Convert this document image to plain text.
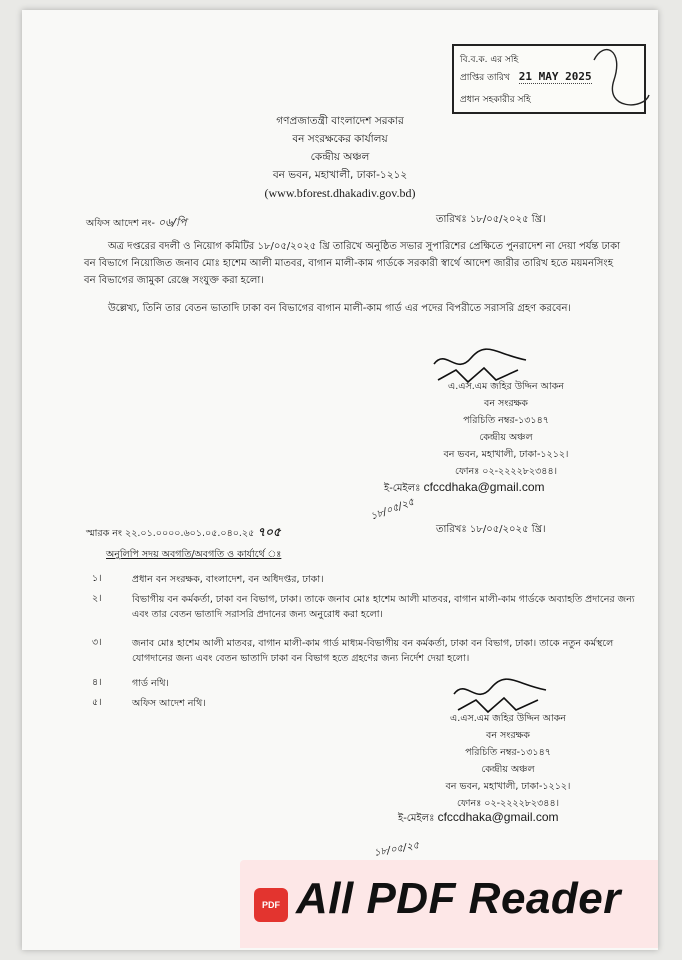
বি.ব.ক. এর সহি
প্রাপ্তির তারিখ 21 MAY 2025
প্রধান সহকারীর সহি
গণপ্রজাতন্ত্রী বাংলাদেশ সরকার
বন সংরক্ষকের কার্যালয়
কেন্দ্রীয় অঞ্চল
বন ভবন, মহাখালী, ঢাকা-১২১২
(www.bforest.dhakadiv.gov.bd)
অফিস আদেশ নং- ০৬/পি	তারিখঃ ১৮/০৫/২০২৫ খ্রি।
অত্র দপ্তরের বদলী ও নিয়োগ কমিটির ১৮/০৫/২০২৫ খ্রি তারিখে অনুষ্ঠিত সভার সুপারিশের প্রেক্ষিতে পুনরাদেশ না দেয়া পর্যন্ত ঢাকা বন বিভাগে নিয়োজিত জনাব মোঃ হাশেম আলী মাতবর, বাগান মালী-কাম গার্ডকে সরকারী স্বার্থে আদেশ জারীর তারিখ হতে ময়মনসিংহ বন বিভাগের জামুকা রেঞ্জে সংযুক্ত করা হলো।
উল্লেখ্য, তিনি তার বেতন ভাতাদি ঢাকা বন বিভাগের বাগান মালী-কাম গার্ড এর পদের বিপরীতে সরাসরি গ্রহণ করবেন।
এ.এস.এম জহির উদ্দিন আকন
বন সংরক্ষক
পরিচিতি নম্বর-১৩১৪৭
কেন্দ্রীয় অঞ্চল
বন ভবন, মহাখালী, ঢাকা-১২১২।
ফোনঃ ০২-২২২২৮২৩৪৪।
ই-মেইলঃ cfccdhaka@gmail.com
১৮/০৫/২৫
স্মারক নং ২২.০১.০০০০.৬০১.০৫.০৪০.২৫ ৭০৫	তারিখঃ ১৮/০৫/২০২৫ খ্রি।
অনুলিপি সদয় অবগতি/অবগতি ও কার্যার্থে ঃ
১।	প্রধান বন সংরক্ষক, বাংলাদেশ, বন অধিদপ্তর, ঢাকা।
২।	বিভাগীয় বন কর্মকর্তা, ঢাকা বন বিভাগ, ঢাকা। তাকে জনাব মোঃ হাশেম আলী মাতবর, বাগান মালী-কাম গার্ডকে অব্যাহতি প্রদানের জন্য এবং তার বেতন ভাতাদি সরাসরি প্রদানের জন্য অনুরোধ করা হলো।
৩।	জনাব মোঃ হাশেম আলী মাতবর, বাগান মালী-কাম গার্ড মাধ্যম-বিভাগীয় বন কর্মকর্তা, ঢাকা বন বিভাগ, ঢাকা। তাকে নতুন কর্মস্থলে যোগদানের জন্য এবং বেতন ভাতাদি ঢাকা বন বিভাগ হতে গ্রহণের জন্য নির্দেশ দেয়া হলো।
৪।	গার্ড নথি।
৫।	অফিস আদেশ নথি।
এ.এস.এম জহির উদ্দিন আকন
বন সংরক্ষক
পরিচিতি নম্বর-১৩১৪৭
কেন্দ্রীয় অঞ্চল
বন ভবন, মহাখালী, ঢাকা-১২১২।
ফোনঃ ০২-২২২২৮২৩৪৪।
ই-মেইলঃ cfccdhaka@gmail.com
১৮/০৫/২৫
PDF All PDF Reader
